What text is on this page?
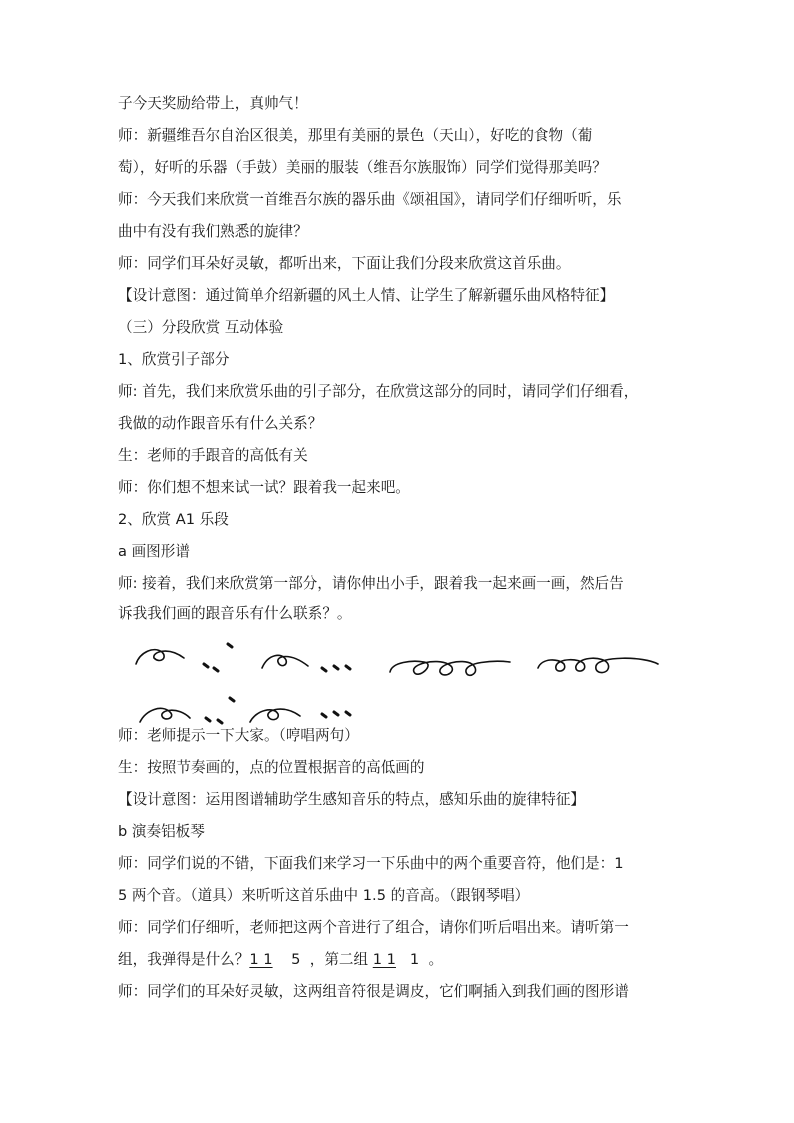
子今天奖励给带上，真帅气！
师：新疆维吾尔自治区很美，那里有美丽的景色（天山），好吃的食物（葡
萄），好听的乐器（手鼓）美丽的服装（维吾尔族服饰）同学们觉得那美吗？
师：今天我们来欣赏一首维吾尔族的器乐曲《颂祖国》，请同学们仔细听听，乐
曲中有没有我们熟悉的旋律？
师：同学们耳朵好灵敏，都听出来，下面让我们分段来欣赏这首乐曲。
【设计意图：通过简单介绍新疆的风土人情、让学生了解新疆乐曲风格特征】
（三）分段欣赏 互动体验
1、欣赏引子部分
师: 首先，我们来欣赏乐曲的引子部分，在欣赏这部分的同时，请同学们仔细看，
我做的动作跟音乐有什么关系？
生：老师的手跟音的高低有关
师：你们想不想来试一试？跟着我一起来吧。
2、欣赏 A1 乐段
a 画图形谱
师: 接着，我们来欣赏第一部分，请你伸出小手，跟着我一起来画一画，然后告
诉我我们画的跟音乐有什么联系？。
师：老师提示一下大家。（哼唱两句）
生：按照节奏画的，点的位置根据音的高低画的
【设计意图：运用图谱辅助学生感知音乐的特点，感知乐曲的旋律特征】
b 演奏铝板琴
师：同学们说的不错，下面我们来学习一下乐曲中的两个重要音符，他们是：1
5 两个音。（道具）来听听这首乐曲中 1.5 的音高。（跟钢琴唱）
师：同学们仔细听，老师把这两个音进行了组合，请你们听后唱出来。请听第一
组，我弹得是什么？1 1 5 ，第二组 1 1 1 。
师：同学们的耳朵好灵敏，这两组音符很是调皮，它们啊插入到我们画的图形谱
